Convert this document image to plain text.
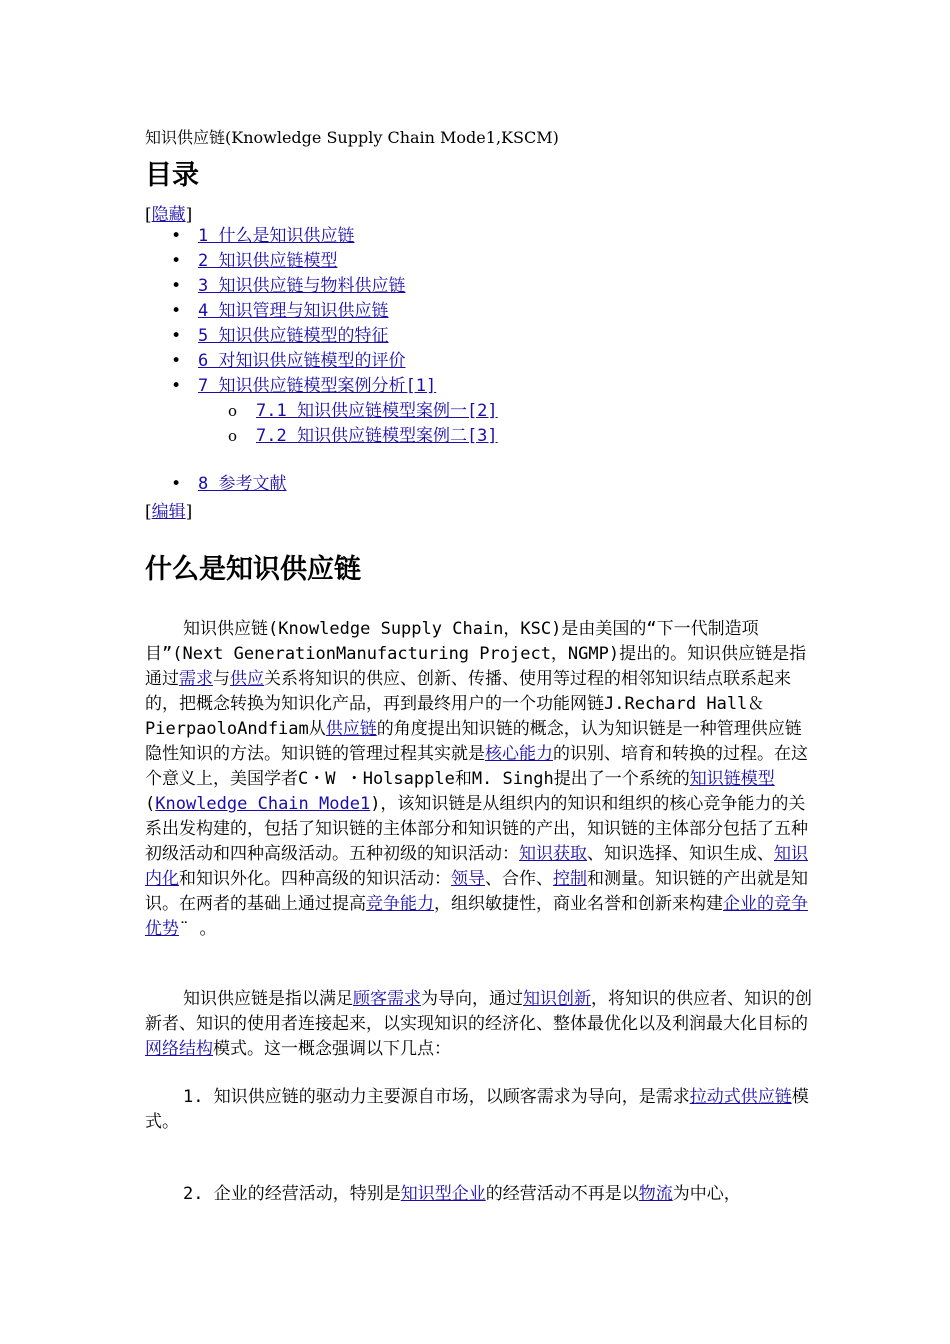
知识供应链(Knowledge Supply Chain Mode1,KSCM)
目录
[隐藏]
• 1 什么是知识供应链
• 2 知识供应链模型
• 3 知识供应链与物料供应链
• 4 知识管理与知识供应链
• 5 知识供应链模型的特征
• 6 对知识供应链模型的评价
• 7 知识供应链模型案例分析[1]
o 7.1 知识供应链模型案例一[2]
o 7.2 知识供应链模型案例二[3]
• 8 参考文献
[编辑]
什么是知识供应链

知识供应链(Knowledge Supply Chain，KSC)是由美国的“下一代制造项目”(Next GenerationManufacturing Project，NGMP)提出的。知识供应链是指通过需求与供应关系将知识的供应、创新、传播、使用等过程的相邻知识结点联系起来的，把概念转换为知识化产品，再到最终用户的一个功能网链J.Rechard Hall＆ PierpaoloAndfiam从供应链的角度提出知识链的概念，认为知识链是一种管理供应链隐性知识的方法。知识链的管理过程其实就是核心能力的识别、培育和转换的过程。在这个意义上，美国学者C・W ・Holsapple和M. Singh提出了一个系统的知识链模型(Knowledge Chain Mode1)，该知识链是从组织内的知识和组织的核心竞争能力的关系出发构建的，包括了知识链的主体部分和知识链的产出，知识链的主体部分包括了五种初级活动和四种高级活动。五种初级的知识活动：知识获取、知识选择、知识生成、知识内化和知识外化。四种高级的知识活动：领导、合作、控制和测量。知识链的产出就是知识。在两者的基础上通过提高竞争能力，组织敏捷性，商业名誉和创新来构建企业的竞争优势¨ 。

知识供应链是指以满足顾客需求为导向，通过知识创新，将知识的供应者、知识的创新者、知识的使用者连接起来，以实现知识的经济化、整体最优化以及利润最大化目标的网络结构模式。这一概念强调以下几点：

1. 知识供应链的驱动力主要源自市场，以顾客需求为导向，是需求拉动式供应链模式。

2. 企业的经营活动，特别是知识型企业的经营活动不再是以物流为中心，
